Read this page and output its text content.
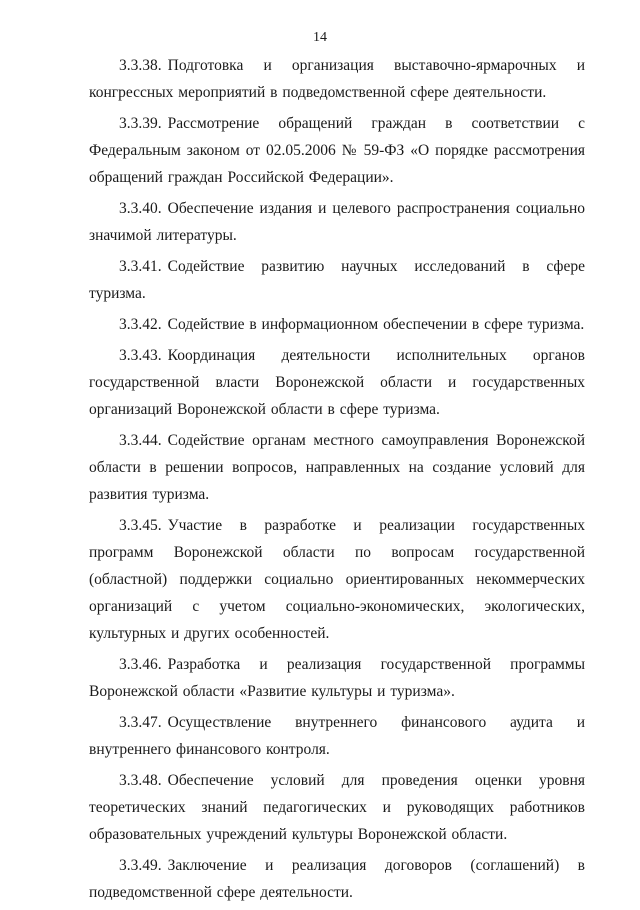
14

3.3.38. Подготовка и организация выставочно-ярмарочных и конгрессных мероприятий в подведомственной сфере деятельности.

3.3.39. Рассмотрение обращений граждан в соответствии с Федеральным законом от 02.05.2006 № 59-ФЗ «О порядке рассмотрения обращений граждан Российской Федерации».

3.3.40. Обеспечение издания и целевого распространения социально значимой литературы.

3.3.41. Содействие развитию научных исследований в сфере туризма.

3.3.42. Содействие в информационном обеспечении в сфере туризма.

3.3.43. Координация деятельности исполнительных органов государственной власти Воронежской области и государственных организаций Воронежской области в сфере туризма.

3.3.44. Содействие органам местного самоуправления Воронежской области в решении вопросов, направленных на создание условий для развития туризма.

3.3.45. Участие в разработке и реализации государственных программ Воронежской области по вопросам государственной (областной) поддержки социально ориентированных некоммерческих организаций с учетом социально-экономических, экологических, культурных и других особенностей.

3.3.46. Разработка и реализация государственной программы Воронежской области «Развитие культуры и туризма».

3.3.47. Осуществление внутреннего финансового аудита и внутреннего финансового контроля.

3.3.48. Обеспечение условий для проведения оценки уровня теоретических знаний педагогических и руководящих работников образовательных учреждений культуры Воронежской области.

3.3.49. Заключение и реализация договоров (соглашений) в подведомственной сфере деятельности.
